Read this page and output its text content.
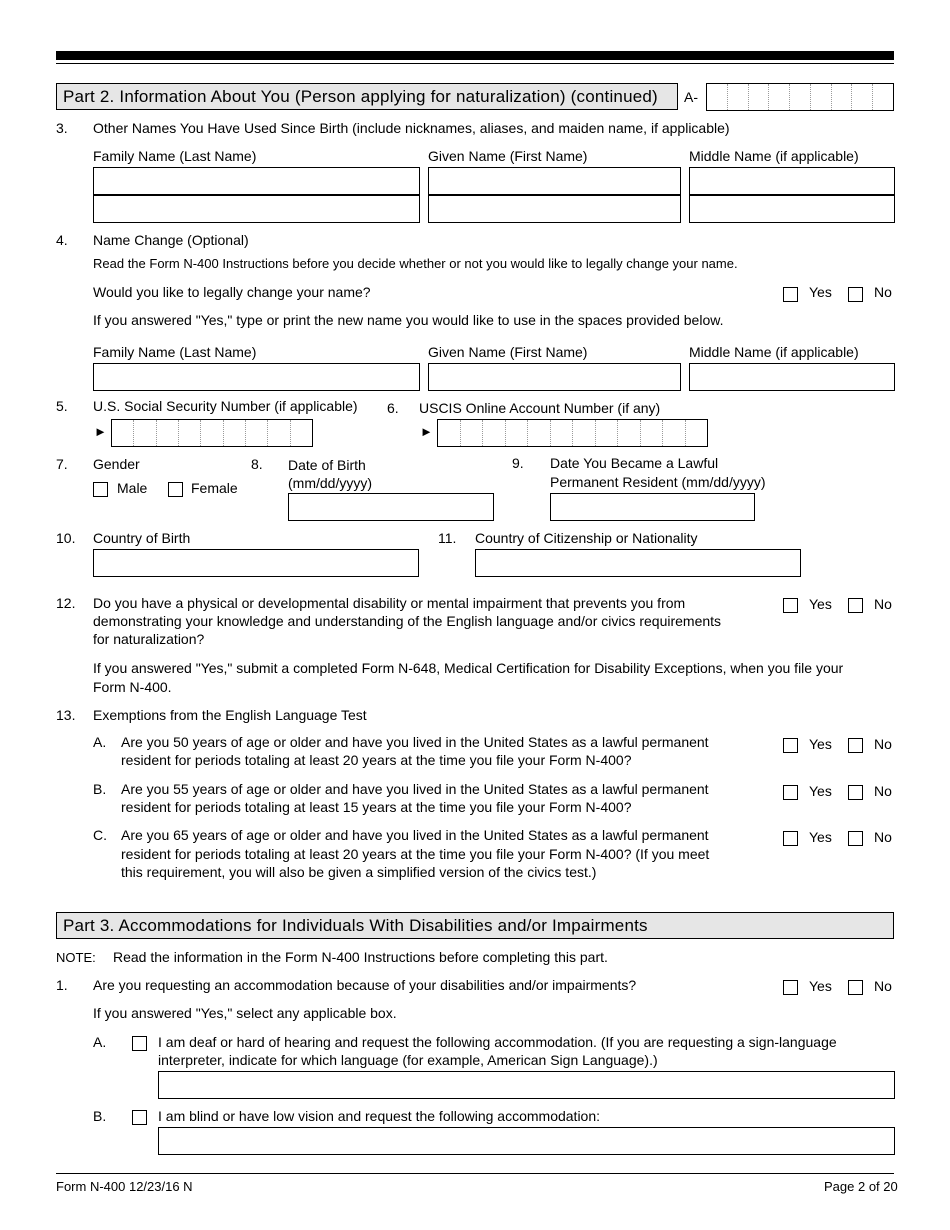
Part 2. Information About You (Person applying for naturalization) (continued)	A-
3.	Other Names You Have Used Since Birth (include nicknames, aliases, and maiden name, if applicable)
Family Name (Last Name)	Given Name (First Name)	Middle Name (if applicable)
4.	Name Change (Optional)
Read the Form N-400 Instructions before you decide whether or not you would like to legally change your name.
Would you like to legally change your name?	Yes	No
If you answered "Yes," type or print the new name you would like to use in the spaces provided below.
Family Name (Last Name)	Given Name (First Name)	Middle Name (if applicable)
5.	U.S. Social Security Number (if applicable)
►
6.	USCIS Online Account Number (if any)
►
7.	Gender
Male	Female
8.	Date of Birth
(mm/dd/yyyy)
9.	Date You Became a Lawful
Permanent Resident (mm/dd/yyyy)
10.	Country of Birth	11.	Country of Citizenship or Nationality
12.	Do you have a physical or developmental disability or mental impairment that prevents you from
demonstrating your knowledge and understanding of the English language and/or civics requirements
for naturalization?
Yes	No
If you answered "Yes," submit a completed Form N-648, Medical Certification for Disability Exceptions, when you file your
Form N-400.
13.	Exemptions from the English Language Test
A. Are you 50 years of age or older and have you lived in the United States as a lawful permanent
resident for periods totaling at least 20 years at the time you file your Form N-400?
Yes	No
B. Are you 55 years of age or older and have you lived in the United States as a lawful permanent
resident for periods totaling at least 15 years at the time you file your Form N-400?
Yes	No
C. Are you 65 years of age or older and have you lived in the United States as a lawful permanent
resident for periods totaling at least 20 years at the time you file your Form N-400? (If you meet
this requirement, you will also be given a simplified version of the civics test.)
Yes	No
Part 3. Accommodations for Individuals With Disabilities and/or Impairments
NOTE: Read the information in the Form N-400 Instructions before completing this part.
1.	Are you requesting an accommodation because of your disabilities and/or impairments?	Yes	No
If you answered "Yes," select any applicable box.
A.	I am deaf or hard of hearing and request the following accommodation. (If you are requesting a sign-language
interpreter, indicate for which language (for example, American Sign Language).)
B.	I am blind or have low vision and request the following accommodation:
Form N-400 12/23/16 N	Page 2 of 20
